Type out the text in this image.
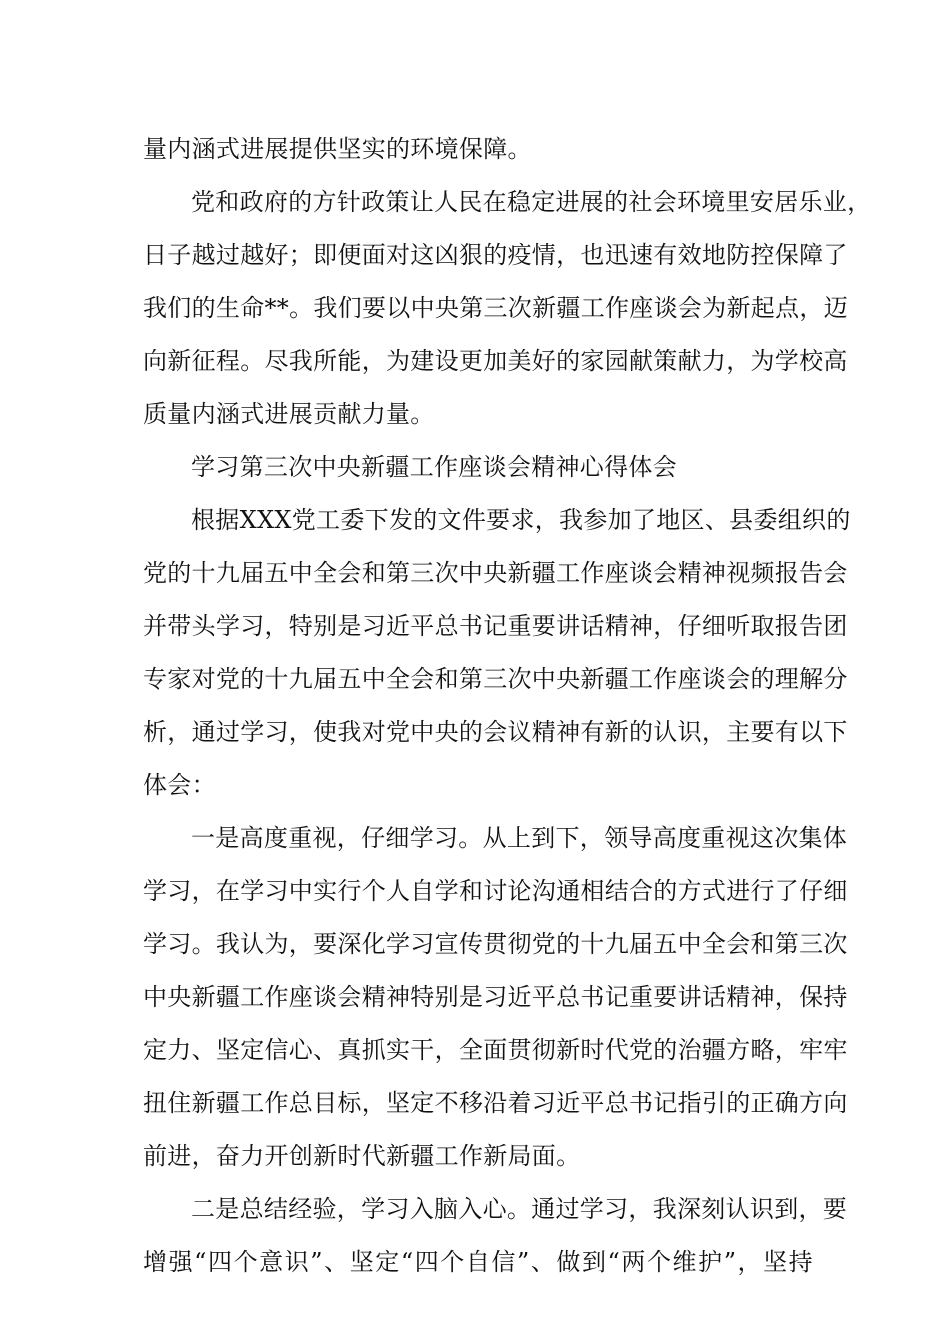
量内涵式进展提供坚实的环境保障。
党和政府的方针政策让人民在稳定进展的社会环境里安居乐业，
日子越过越好；即便面对这凶狠的疫情，也迅速有效地防控保障了
我们的生命**。我们要以中央第三次新疆工作座谈会为新起点，迈
向新征程。尽我所能，为建设更加美好的家园献策献力，为学校高
质量内涵式进展贡献力量。
学习第三次中央新疆工作座谈会精神心得体会
根据XXX党工委下发的文件要求，我参加了地区、县委组织的
党的十九届五中全会和第三次中央新疆工作座谈会精神视频报告会
并带头学习，特别是习近平总书记重要讲话精神，仔细听取报告团
专家对党的十九届五中全会和第三次中央新疆工作座谈会的理解分
析，通过学习，使我对党中央的会议精神有新的认识，主要有以下
体会：
一是高度重视，仔细学习。从上到下，领导高度重视这次集体
学习，在学习中实行个人自学和讨论沟通相结合的方式进行了仔细
学习。我认为，要深化学习宣传贯彻党的十九届五中全会和第三次
中央新疆工作座谈会精神特别是习近平总书记重要讲话精神，保持
定力、坚定信心、真抓实干，全面贯彻新时代党的治疆方略，牢牢
扭住新疆工作总目标，坚定不移沿着习近平总书记指引的正确方向
前进，奋力开创新时代新疆工作新局面。
二是总结经验，学习入脑入心。通过学习，我深刻认识到，要
增强“四个意识”、坚定“四个自信”、做到“两个维护”，坚持
